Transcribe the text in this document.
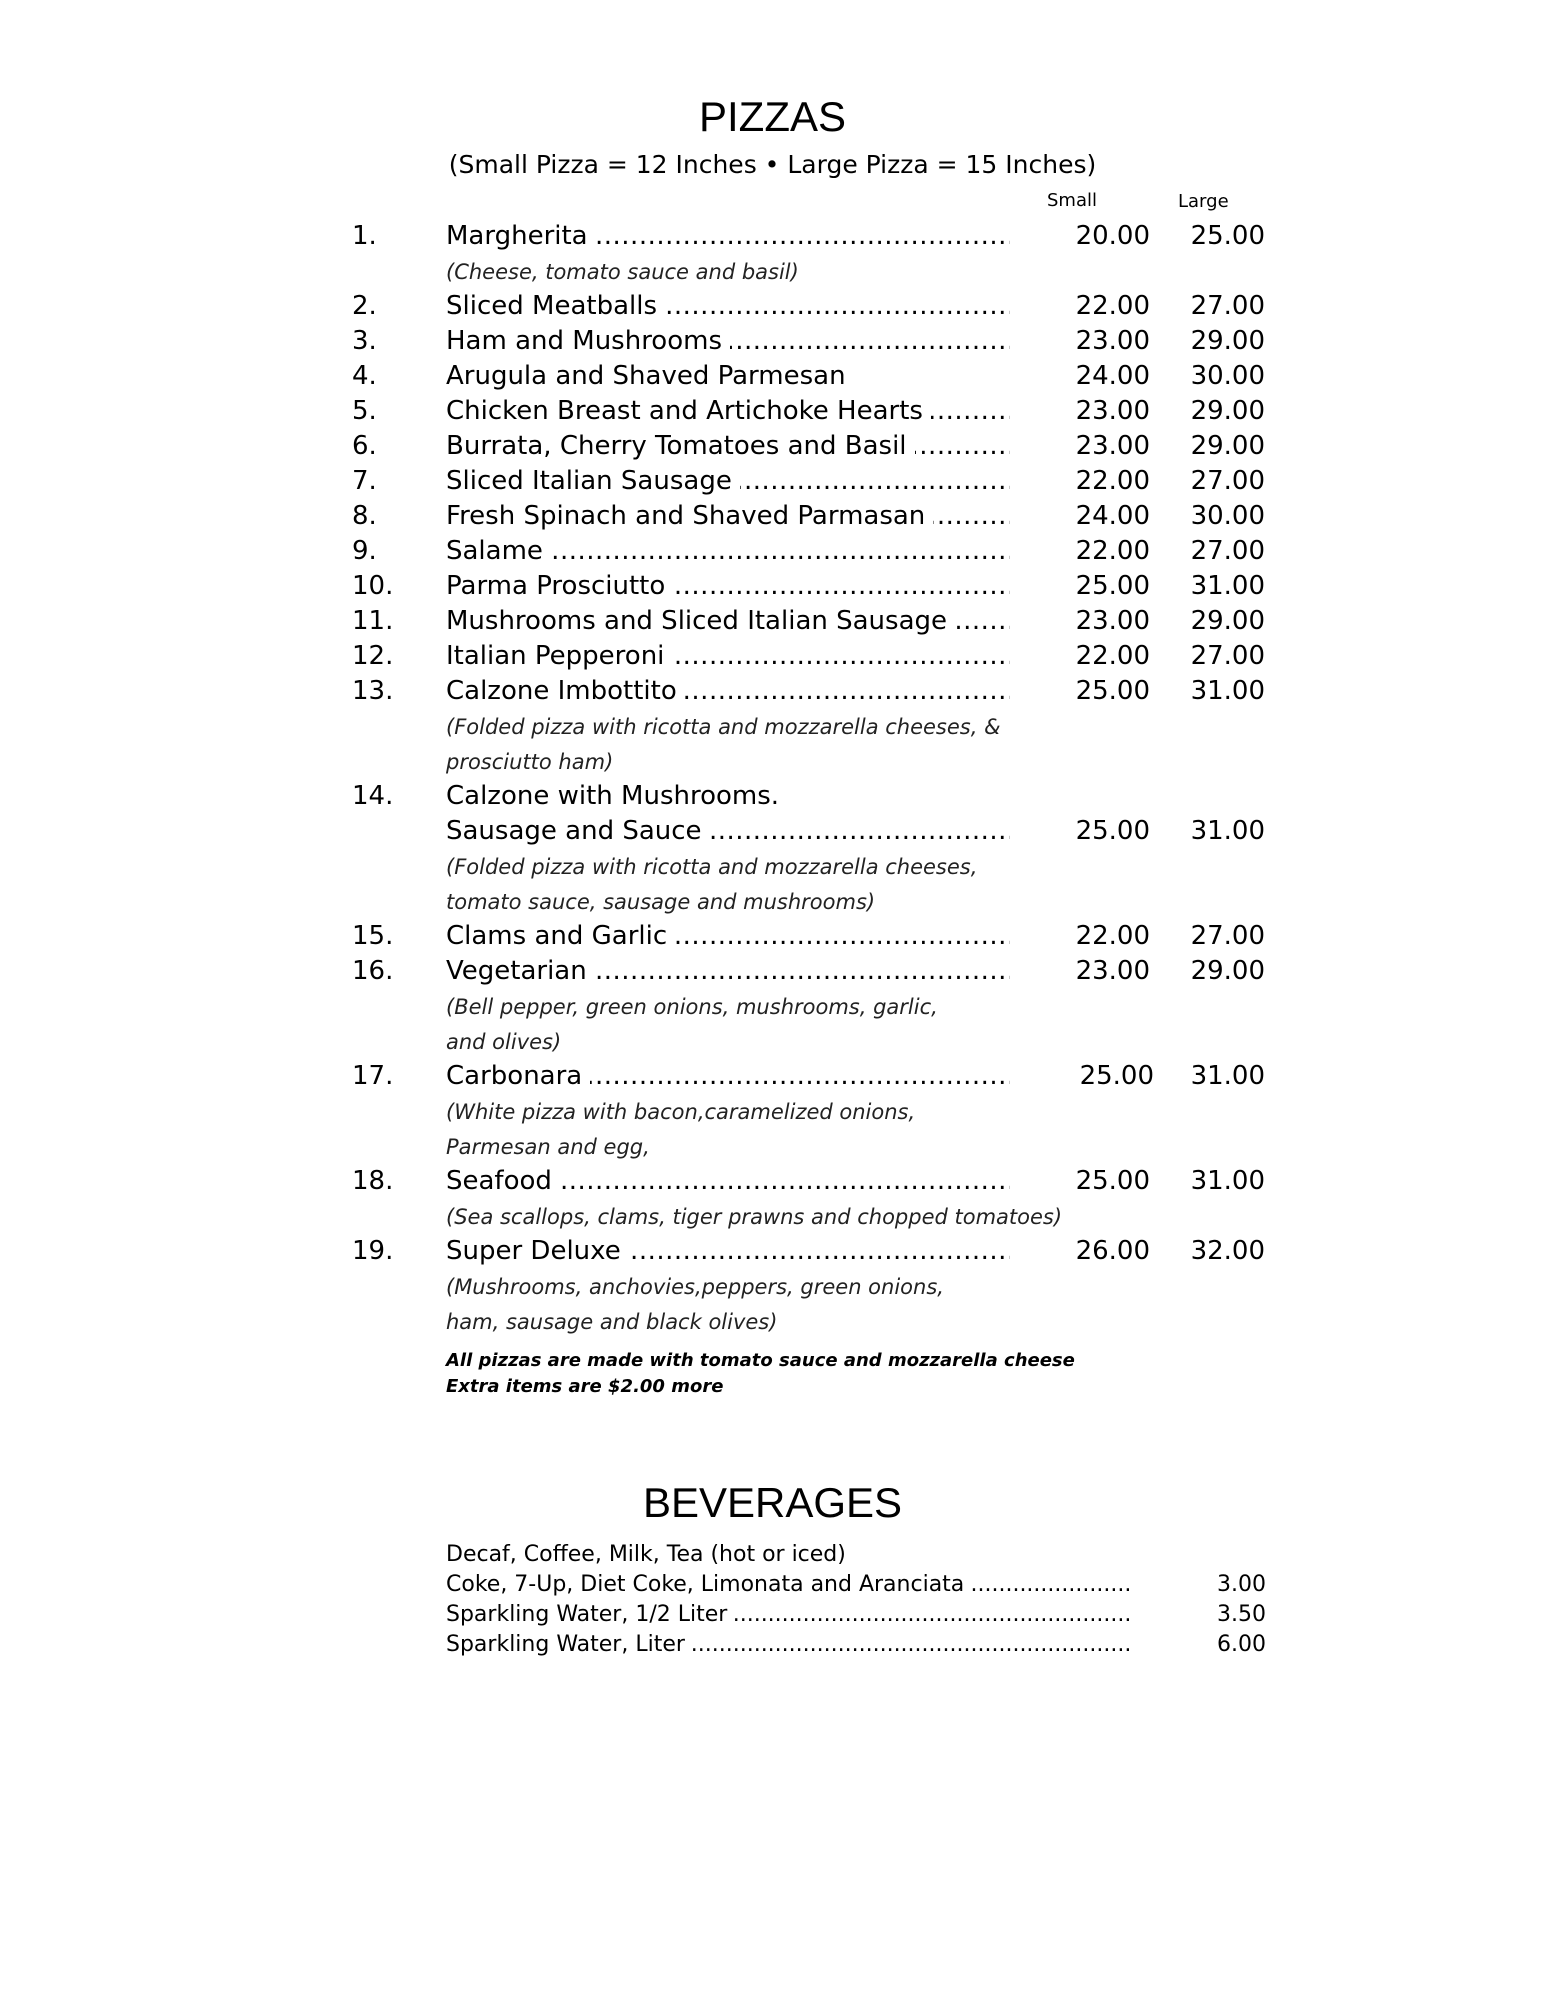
PIZZAS
(Small Pizza = 12 Inches • Large Pizza = 15 Inches)
Small	Large
1.	Margherita .....	20.00	25.00
(Cheese, tomato sauce and basil)
2.	Sliced Meatballs .....	22.00	27.00
3.	Ham and Mushrooms .....	23.00	29.00
4.	Arugula and Shaved Parmesan	24.00	30.00
5.	Chicken Breast and Artichoke Hearts .....	23.00	29.00
6.	Burrata, Cherry Tomatoes and Basil .....	23.00	29.00
7.	Sliced Italian Sausage .....	22.00	27.00
8.	Fresh Spinach and Shaved Parmasan .....	24.00	30.00
9.	Salame .....	22.00	27.00
10. Parma Prosciutto .....	25.00	31.00
11. Mushrooms and Sliced Italian Sausage .....	23.00	29.00
12. Italian Pepperoni .....	22.00	27.00
13. Calzone Imbottito .....	25.00	31.00
(Folded pizza with ricotta and mozzarella cheeses, &
prosciutto ham)
14. Calzone with Mushrooms.
Sausage and Sauce .....	25.00	31.00
(Folded pizza with ricotta and mozzarella cheeses,
tomato sauce, sausage and mushrooms)
15. Clams and Garlic .....	22.00	27.00
16. Vegetarian .....	23.00	29.00
(Bell pepper, green onions, mushrooms, garlic,
and olives)
17. Carbonara .....	25.00	31.00
(White pizza with bacon,caramelized onions,
Parmesan and egg,
18. Seafood .....	25.00	31.00
(Sea scallops, clams, tiger prawns and chopped tomatoes)
19. Super Deluxe .....	26.00	32.00
(Mushrooms, anchovies,peppers, green onions,
ham, sausage and black olives)
All pizzas are made with tomato sauce and mozzarella cheese
Extra items are $2.00 more
BEVERAGES
Decaf, Coffee, Milk, Tea (hot or iced)
Coke, 7-Up, Diet Coke, Limonata and Aranciata .....	3.00
Sparkling Water, 1/2 Liter .....	3.50
Sparkling Water, Liter .....	6.00
